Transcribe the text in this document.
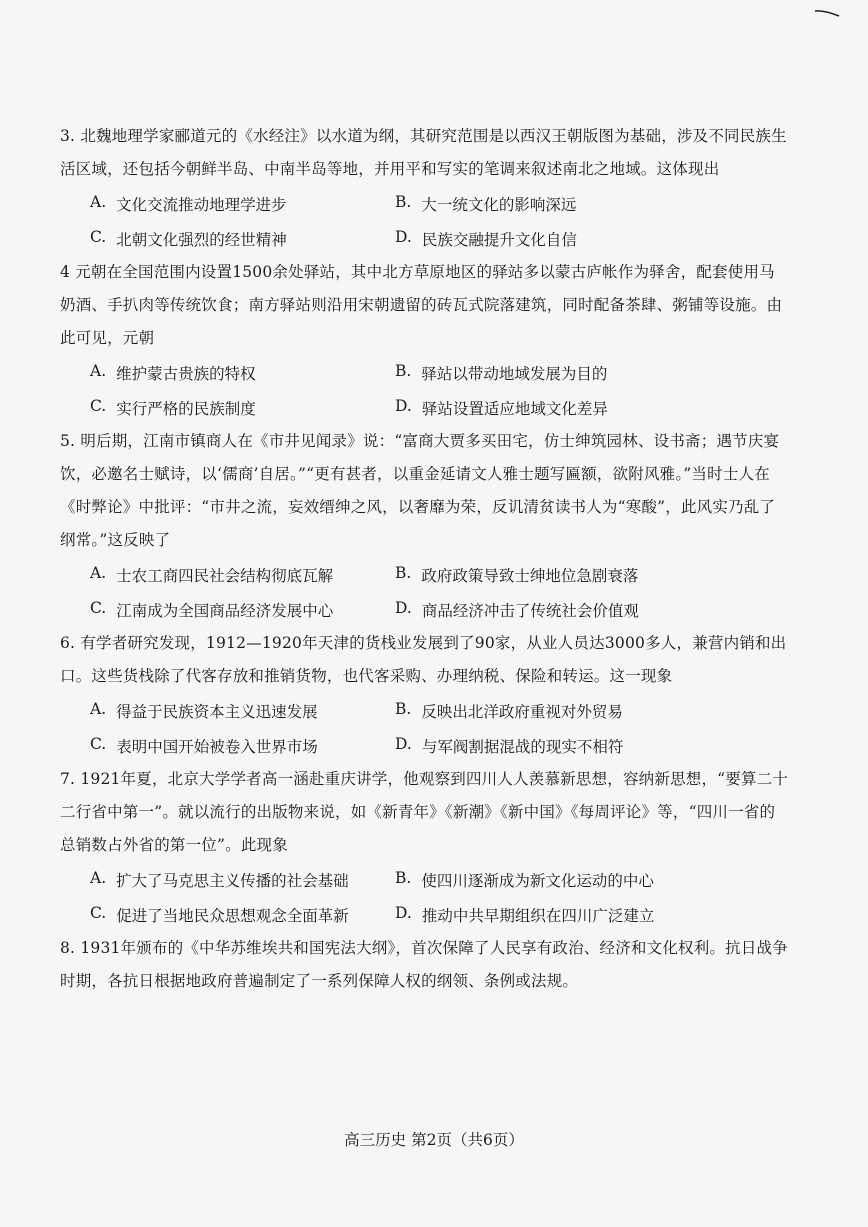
3. 北魏地理学家郦道元的《水经注》以水道为纲，其研究范围是以西汉王朝版图为基础，涉及不同民族生活区域，还包括今朝鲜半岛、中南半岛等地，并用平和写实的笔调来叙述南北之地域。这体现出

A. 文化交流推动地理学进步	B. 大一统文化的影响深远
C. 北朝文化强烈的经世精神	D. 民族交融提升文化自信

4 元朝在全国范围内设置1500余处驿站，其中北方草原地区的驿站多以蒙古庐帐作为驿舍，配套使用马奶酒、手扒肉等传统饮食；南方驿站则沿用宋朝遗留的砖瓦式院落建筑，同时配备茶肆、粥铺等设施。由此可见，元朝

A. 维护蒙古贵族的特权	B. 驿站以带动地域发展为目的
C. 实行严格的民族制度	D. 驿站设置适应地域文化差异

5. 明后期，江南市镇商人在《市井见闻录》说：“富商大贾多买田宅，仿士绅筑园林、设书斋；遇节庆宴饮，必邀名士赋诗，以‘儒商’自居。”“更有甚者，以重金延请文人雅士题写匾额，欲附风雅。”当时士人在《时弊论》中批评：“市井之流，妄效缙绅之风，以奢靡为荣，反讥清贫读书人为“寒酸”，此风实乃乱了纲常。”这反映了

A. 士农工商四民社会结构彻底瓦解	B. 政府政策导致士绅地位急剧衰落
C. 江南成为全国商品经济发展中心	D. 商品经济冲击了传统社会价值观

6. 有学者研究发现，1912—1920年天津的货栈业发展到了90家，从业人员达3000多人，兼营内销和出口。这些货栈除了代客存放和推销货物，也代客采购、办理纳税、保险和转运。这一现象

A. 得益于民族资本主义迅速发展	B. 反映出北洋政府重视对外贸易
C. 表明中国开始被卷入世界市场	D. 与军阀割据混战的现实不相符

7. 1921年夏，北京大学学者高一涵赴重庆讲学，他观察到四川人人羡慕新思想，容纳新思想，“要算二十二行省中第一”。就以流行的出版物来说，如《新青年》《新潮》《新中国》《每周评论》等，“四川一省的总销数占外省的第一位”。此现象

A. 扩大了马克思主义传播的社会基础	B. 使四川逐渐成为新文化运动的中心
C. 促进了当地民众思想观念全面革新	D. 推动中共早期组织在四川广泛建立

8. 1931年颁布的《中华苏维埃共和国宪法大纲》，首次保障了人民享有政治、经济和文化权利。抗日战争时期，各抗日根据地政府普遍制定了一系列保障人权的纲领、条例或法规。

高三历史 第2页（共6页）
